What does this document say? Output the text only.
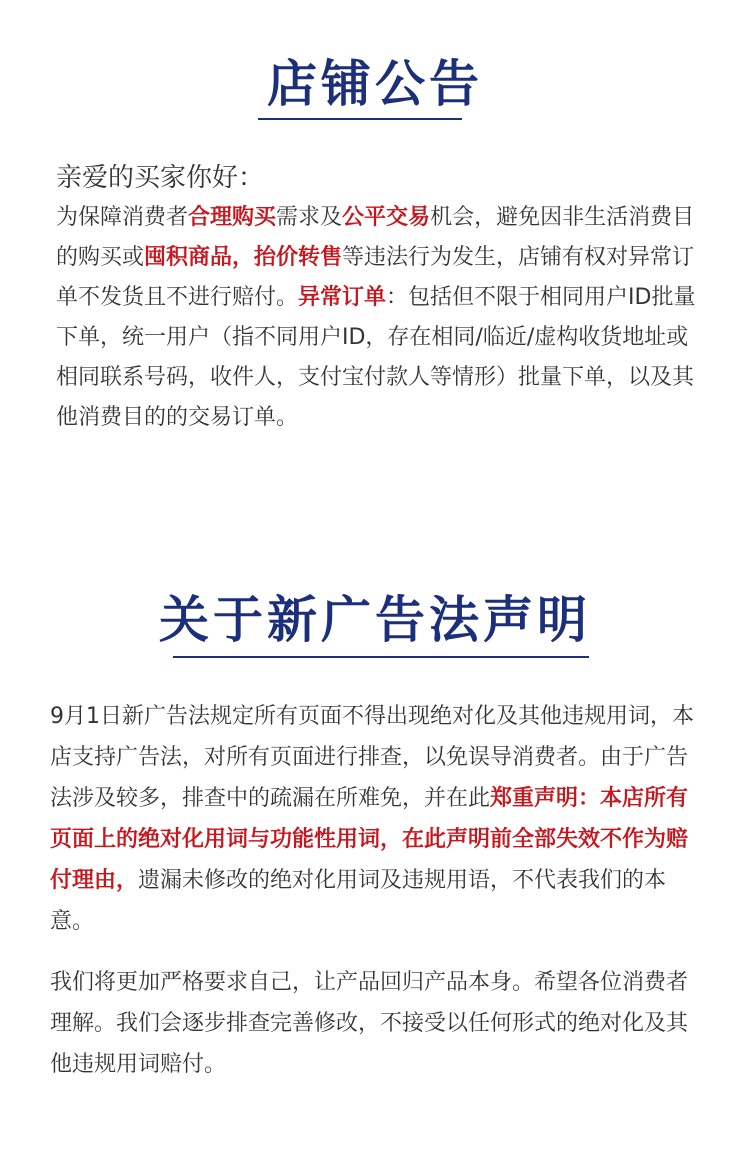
店铺公告

亲爱的买家你好：

为保障消费者合理购买需求及公平交易机会，避免因非生活消费目的购买或囤积商品，抬价转售等违法行为发生，店铺有权对异常订单不发货且不进行赔付。异常订单：包括但不限于相同用户ID批量下单，统一用户（指不同用户ID，存在相同/临近/虚构收货地址或相同联系号码，收件人，支付宝付款人等情形）批量下单，以及其他消费目的的交易订单。

关于新广告法声明

9月1日新广告法规定所有页面不得出现绝对化及其他违规用词，本店支持广告法，对所有页面进行排查，以免误导消费者。由于广告法涉及较多，排查中的疏漏在所难免，并在此郑重声明：本店所有页面上的绝对化用词与功能性用词，在此声明前全部失效不作为赔付理由，遗漏未修改的绝对化用词及违规用语，不代表我们的本意。

我们将更加严格要求自己，让产品回归产品本身。希望各位消费者理解。我们会逐步排查完善修改，不接受以任何形式的绝对化及其他违规用词赔付。
